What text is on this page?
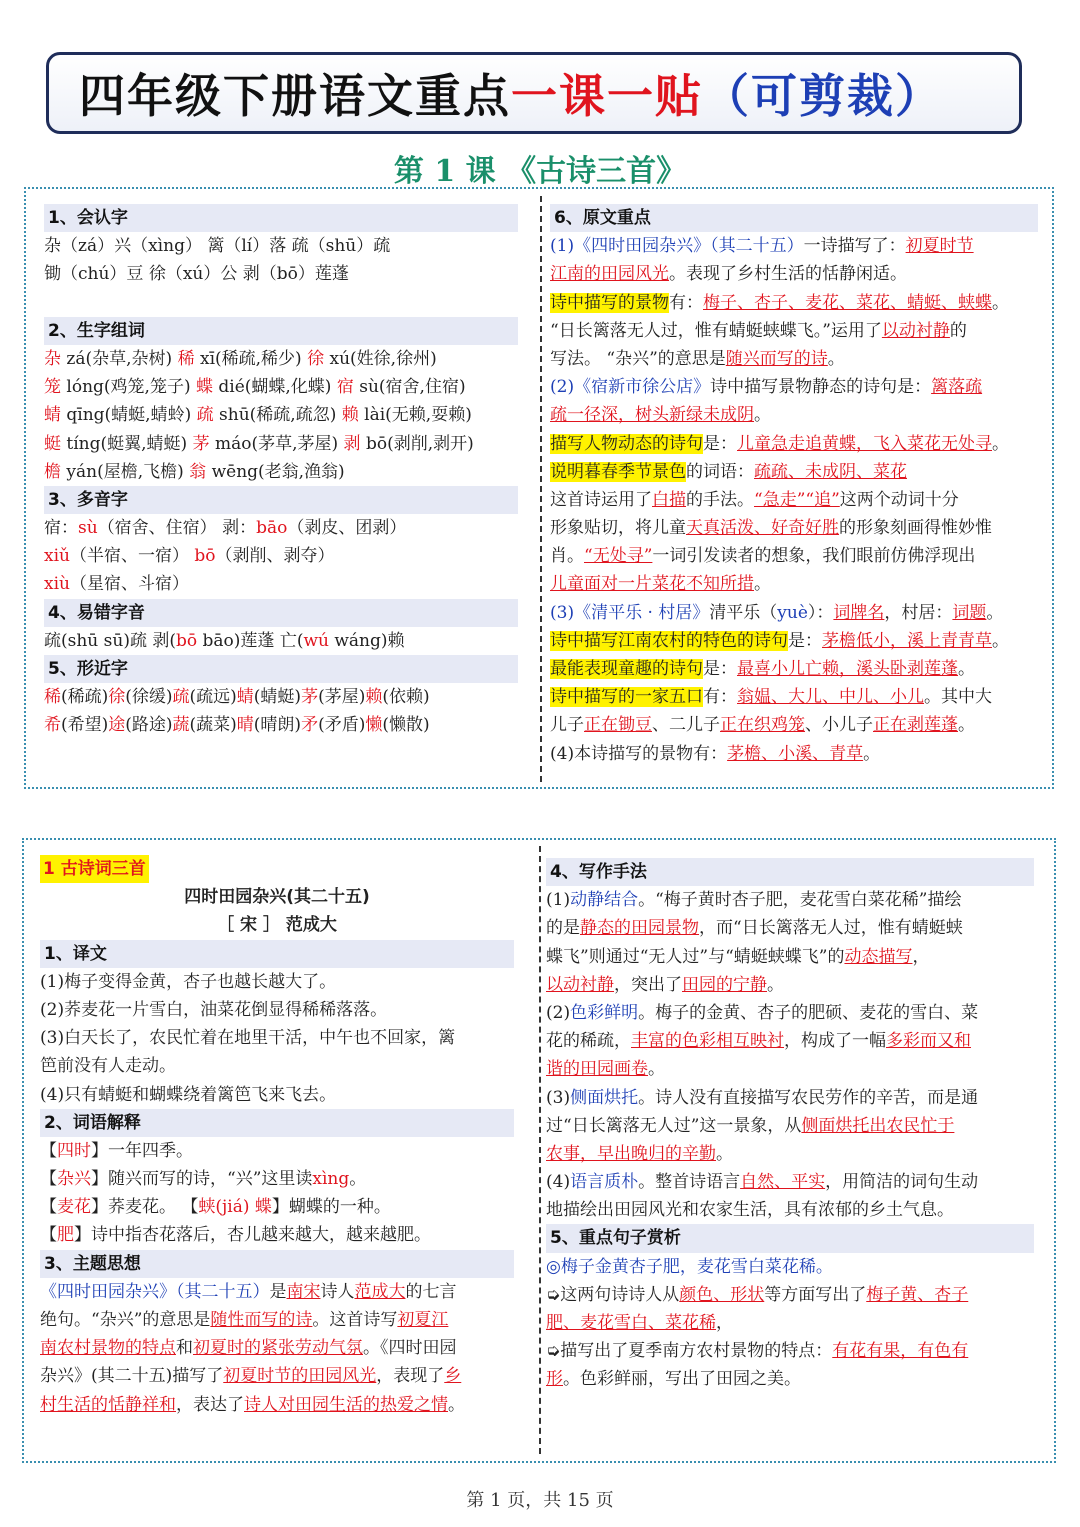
四年级下册语文重点 一课一贴 （可剪裁）
第 1 课 《古诗三首》
1、会认字
杂（zá）兴（xìng） 篱（lí）落 疏（shū）疏
锄（chú）豆 徐（xú）公 剥（bō）莲蓬
2、生字组词
杂 zá(杂草,杂树) 稀 xī(稀疏,稀少) 徐 xú(姓徐,徐州)
笼 lóng(鸡笼,笼子) 蝶 dié(蝴蝶,化蝶) 宿 sù(宿舍,住宿)
蜻 qīng(蜻蜓,蜻蛉) 疏 shū(稀疏,疏忽) 赖 lài(无赖,耍赖)
蜓 tíng(蜓翼,蜻蜓) 茅 máo(茅草,茅屋) 剥 bō(剥削,剥开)
檐 yán(屋檐,飞檐) 翁 wēng(老翁,渔翁)
3、多音字
宿：sù（宿舍、住宿） 剥：bāo（剥皮、团剥）
xiǔ（半宿、一宿） bō（剥削、剥夺）
xiù（星宿、斗宿）
4、易错字音
疏(shū sū)疏 剥(bō bāo)莲蓬 亡(wú wáng)赖
5、形近字
稀(稀疏)徐(徐缓)疏(疏远)蜻(蜻蜓)茅(茅屋)赖(依赖)
希(希望)途(路途)蔬(蔬菜)晴(晴朗)矛(矛盾)懒(懒散)
6、原文重点
(1)《四时田园杂兴》（其二十五）一诗描写了：初夏时节
江南的田园风光。表现了乡村生活的恬静闲适。
诗中描写的景物有：梅子、杏子、麦花、菜花、蜻蜓、蛱蝶。
“日长篱落无人过，惟有蜻蜓蛱蝶飞。”运用了以动衬静的
写法。 “杂兴”的意思是随兴而写的诗。
(2)《宿新市徐公店》诗中描写景物静态的诗句是：篱落疏
疏一径深，树头新绿未成阴。
描写人物动态的诗句是：儿童急走追黄蝶，飞入菜花无处寻。
说明暮春季节景色的词语：疏疏、未成阴、菜花
这首诗运用了白描的手法。“急走”“追”这两个动词十分
形象贴切，将儿童天真活泼、好奇好胜的形象刻画得惟妙惟
肖。“无处寻”一词引发读者的想象，我们眼前仿佛浮现出
儿童面对一片菜花不知所措。
(3)《清平乐 · 村居》清平乐（yuè）：词牌名，村居：词题。
诗中描写江南农村的特色的诗句是：茅檐低小，溪上青青草。
最能表现童趣的诗句是：最喜小儿亡赖，溪头卧剥莲蓬。
诗中描写的一家五口有：翁媪、大儿、中儿、小儿。其中大
儿子正在锄豆、二儿子正在织鸡笼、小儿子正在剥莲蓬。
(4)本诗描写的景物有：茅檐、小溪、青草。
1 古诗词三首
四时田园杂兴(其二十五)
［ 宋 ］ 范成大
1、译文
(1)梅子变得金黄，杏子也越长越大了。
(2)荞麦花一片雪白，油菜花倒显得稀稀落落。
(3)白天长了，农民忙着在地里干活，中午也不回家，篱
笆前没有人走动。
(4)只有蜻蜓和蝴蝶绕着篱笆飞来飞去。
2、词语解释
【四时】一年四季。
【杂兴】随兴而写的诗，“兴”这里读xìng。
【麦花】荞麦花。 【蛱(jiá) 蝶】蝴蝶的一种。
【肥】诗中指杏花落后，杏儿越来越大，越来越肥。
3、主题思想
《四时田园杂兴》（其二十五）是南宋诗人范成大的七言
绝句。“杂兴”的意思是随性而写的诗。这首诗写初夏江
南农村景物的特点和初夏时的紧张劳动气氛。《四时田园
杂兴》(其二十五)描写了初夏时节的田园风光，表现了乡
村生活的恬静祥和，表达了诗人对田园生活的热爱之情。
4、写作手法
(1)动静结合。“梅子黄时杏子肥，麦花雪白菜花稀”描绘
的是静态的田园景物，而“日长篱落无人过，惟有蜻蜓蛱
蝶飞”则通过“无人过”与“蜻蜓蛱蝶飞”的动态描写，
以动衬静，突出了田园的宁静。
(2)色彩鲜明。梅子的金黄、杏子的肥硕、麦花的雪白、菜
花的稀疏，丰富的色彩相互映衬，构成了一幅多彩而又和
谐的田园画卷。
(3)侧面烘托。诗人没有直接描写农民劳作的辛苦，而是通
过“日长篱落无人过”这一景象，从侧面烘托出农民忙于
农事，早出晚归的辛勤。
(4)语言质朴。整首诗语言自然、平实，用简洁的词句生动
地描绘出田园风光和农家生活，具有浓郁的乡土气息。
5、重点句子赏析
◎梅子金黄杏子肥，麦花雪白菜花稀。
➭这两句诗诗人从颜色、形状等方面写出了梅子黄、杏子
肥、麦花雪白、菜花稀，
➭描写出了夏季南方农村景物的特点：有花有果，有色有
形。色彩鲜丽，写出了田园之美。
第 1 页，共 15 页
